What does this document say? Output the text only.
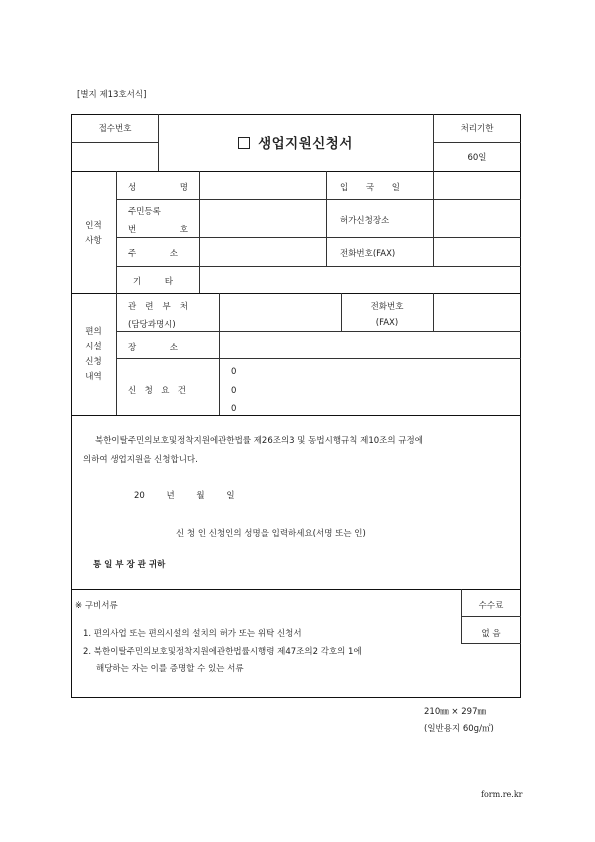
[별지 제13호서식]
접수번호
생업지원신청서
처리기한
60일
인적
사항
성 명	입 국 일
주민등록
번 호
허가신청장소
주 소	전화번호(FAX)
기 타
편의
시설
신청
내역
관 련 부 처
(담당과명시)
전화번호
(FAX)
장 소
신 청 요 건
0
0
0
북한이탈주민의보호및정착지원에관한법률 제26조의3 및 동법시행규칙 제10조의 규정에
의하여 생업지원을 신청합니다.
20 년 월 일
신 청 인 신청인의 성명을 입력하세요(서명 또는 인)
통 일 부 장 관 귀하
※ 구비서류
1. 편의사업 또는 편의시설의 설치의 허가 또는 위탁 신청서
2. 북한이탈주민의보호및정착지원에관한법률시행령 제47조의2 각호의 1에
해당하는 자는 이를 증명할 수 있는 서류
수수료
없 음
210㎜ × 297㎜
(일반용지 60g/㎡)
form.re.kr
